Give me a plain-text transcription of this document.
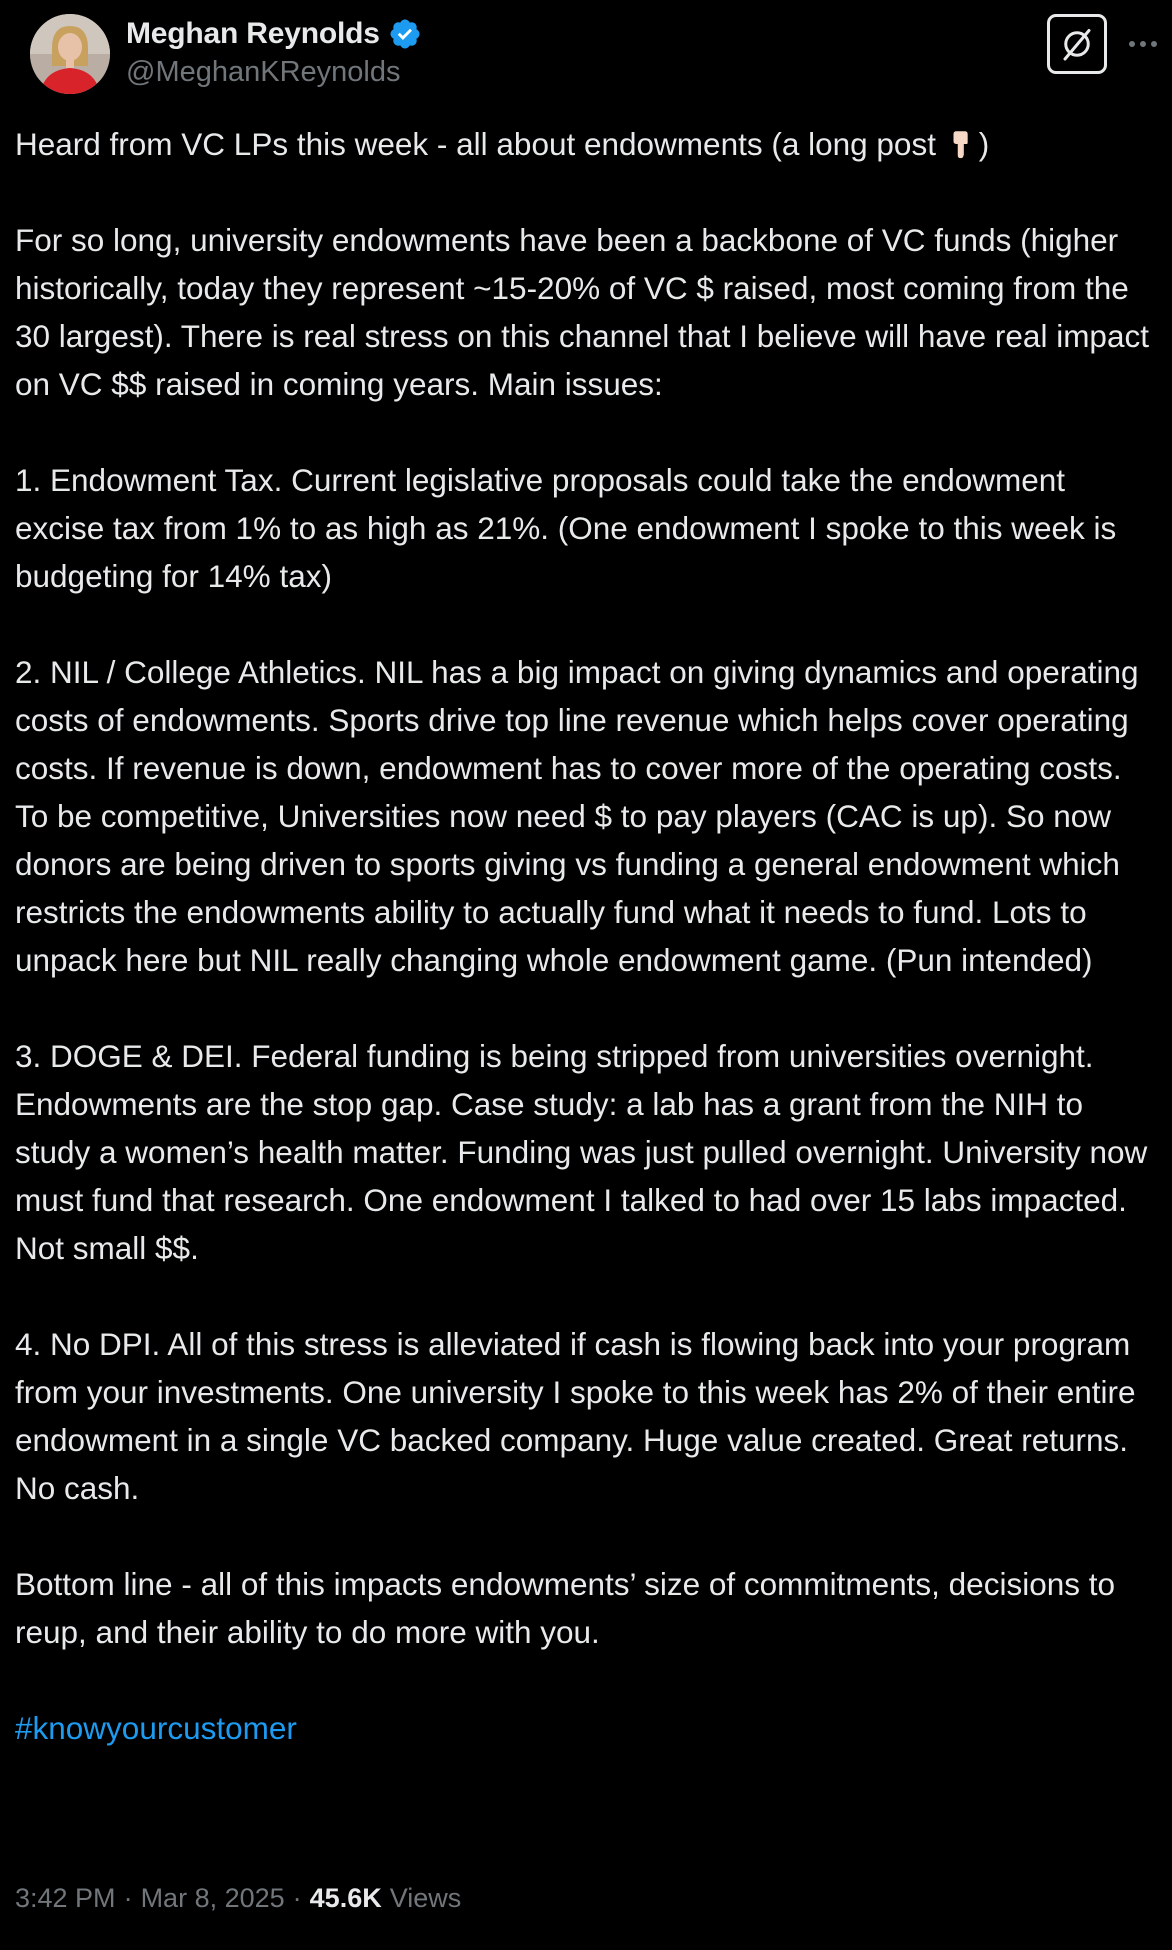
Meghan Reynolds
@MeghanKReynolds

Heard from VC LPs this week - all about endowments (a long post )

For so long, university endowments have been a backbone of VC funds (higher historically, today they represent ~15-20% of VC $ raised, most coming from the 30 largest). There is real stress on this channel that I believe will have real impact on VC $$ raised in coming years. Main issues:

1. Endowment Tax. Current legislative proposals could take the endowment excise tax from 1% to as high as 21%. (One endowment I spoke to this week is budgeting for 14% tax)

2. NIL / College Athletics. NIL has a big impact on giving dynamics and operating costs of endowments. Sports drive top line revenue which helps cover operating costs. If revenue is down, endowment has to cover more of the operating costs. To be competitive, Universities now need $ to pay players (CAC is up). So now donors are being driven to sports giving vs funding a general endowment which restricts the endowments ability to actually fund what it needs to fund. Lots to unpack here but NIL really changing whole endowment game. (Pun intended)

3. DOGE & DEI. Federal funding is being stripped from universities overnight. Endowments are the stop gap. Case study: a lab has a grant from the NIH to study a women’s health matter. Funding was just pulled overnight. University now must fund that research. One endowment I talked to had over 15 labs impacted. Not small $$.

4. No DPI. All of this stress is alleviated if cash is flowing back into your program from your investments. One university I spoke to this week has 2% of their entire endowment in a single VC backed company. Huge value created. Great returns. No cash.

Bottom line - all of this impacts endowments’ size of commitments, decisions to reup, and their ability to do more with you.

#knowyourcustomer

3:42 PM · Mar 8, 2025 · 45.6K Views
